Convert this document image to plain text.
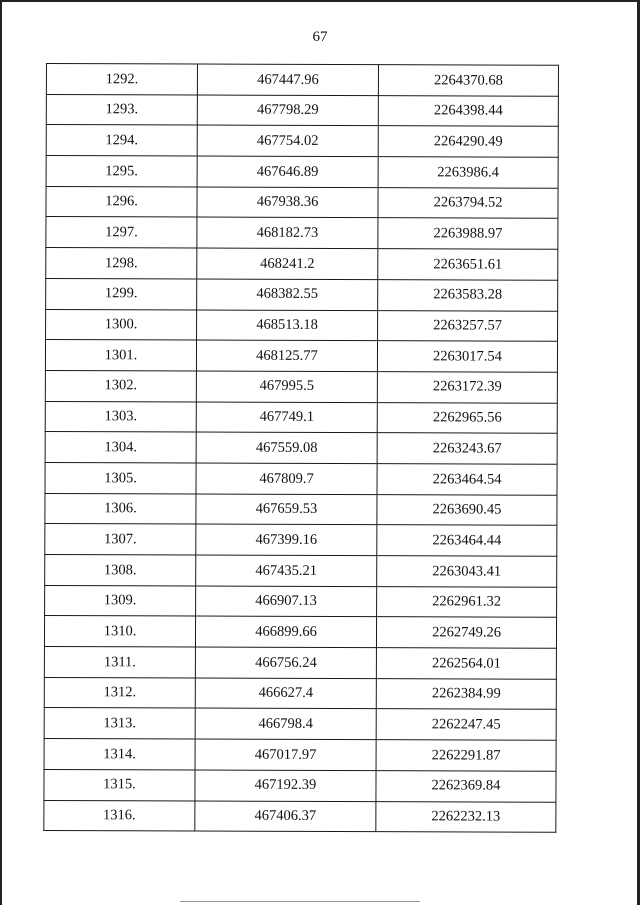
67
1292.	467447.96	2264370.68
1293.	467798.29	2264398.44
1294.	467754.02	2264290.49
1295.	467646.89	2263986.4
1296.	467938.36	2263794.52
1297.	468182.73	2263988.97
1298.	468241.2	2263651.61
1299.	468382.55	2263583.28
1300.	468513.18	2263257.57
1301.	468125.77	2263017.54
1302.	467995.5	2263172.39
1303.	467749.1	2262965.56
1304.	467559.08	2263243.67
1305.	467809.7	2263464.54
1306.	467659.53	2263690.45
1307.	467399.16	2263464.44
1308.	467435.21	2263043.41
1309.	466907.13	2262961.32
1310.	466899.66	2262749.26
1311.	466756.24	2262564.01
1312.	466627.4	2262384.99
1313.	466798.4	2262247.45
1314.	467017.97	2262291.87
1315.	467192.39	2262369.84
1316.	467406.37	2262232.13
